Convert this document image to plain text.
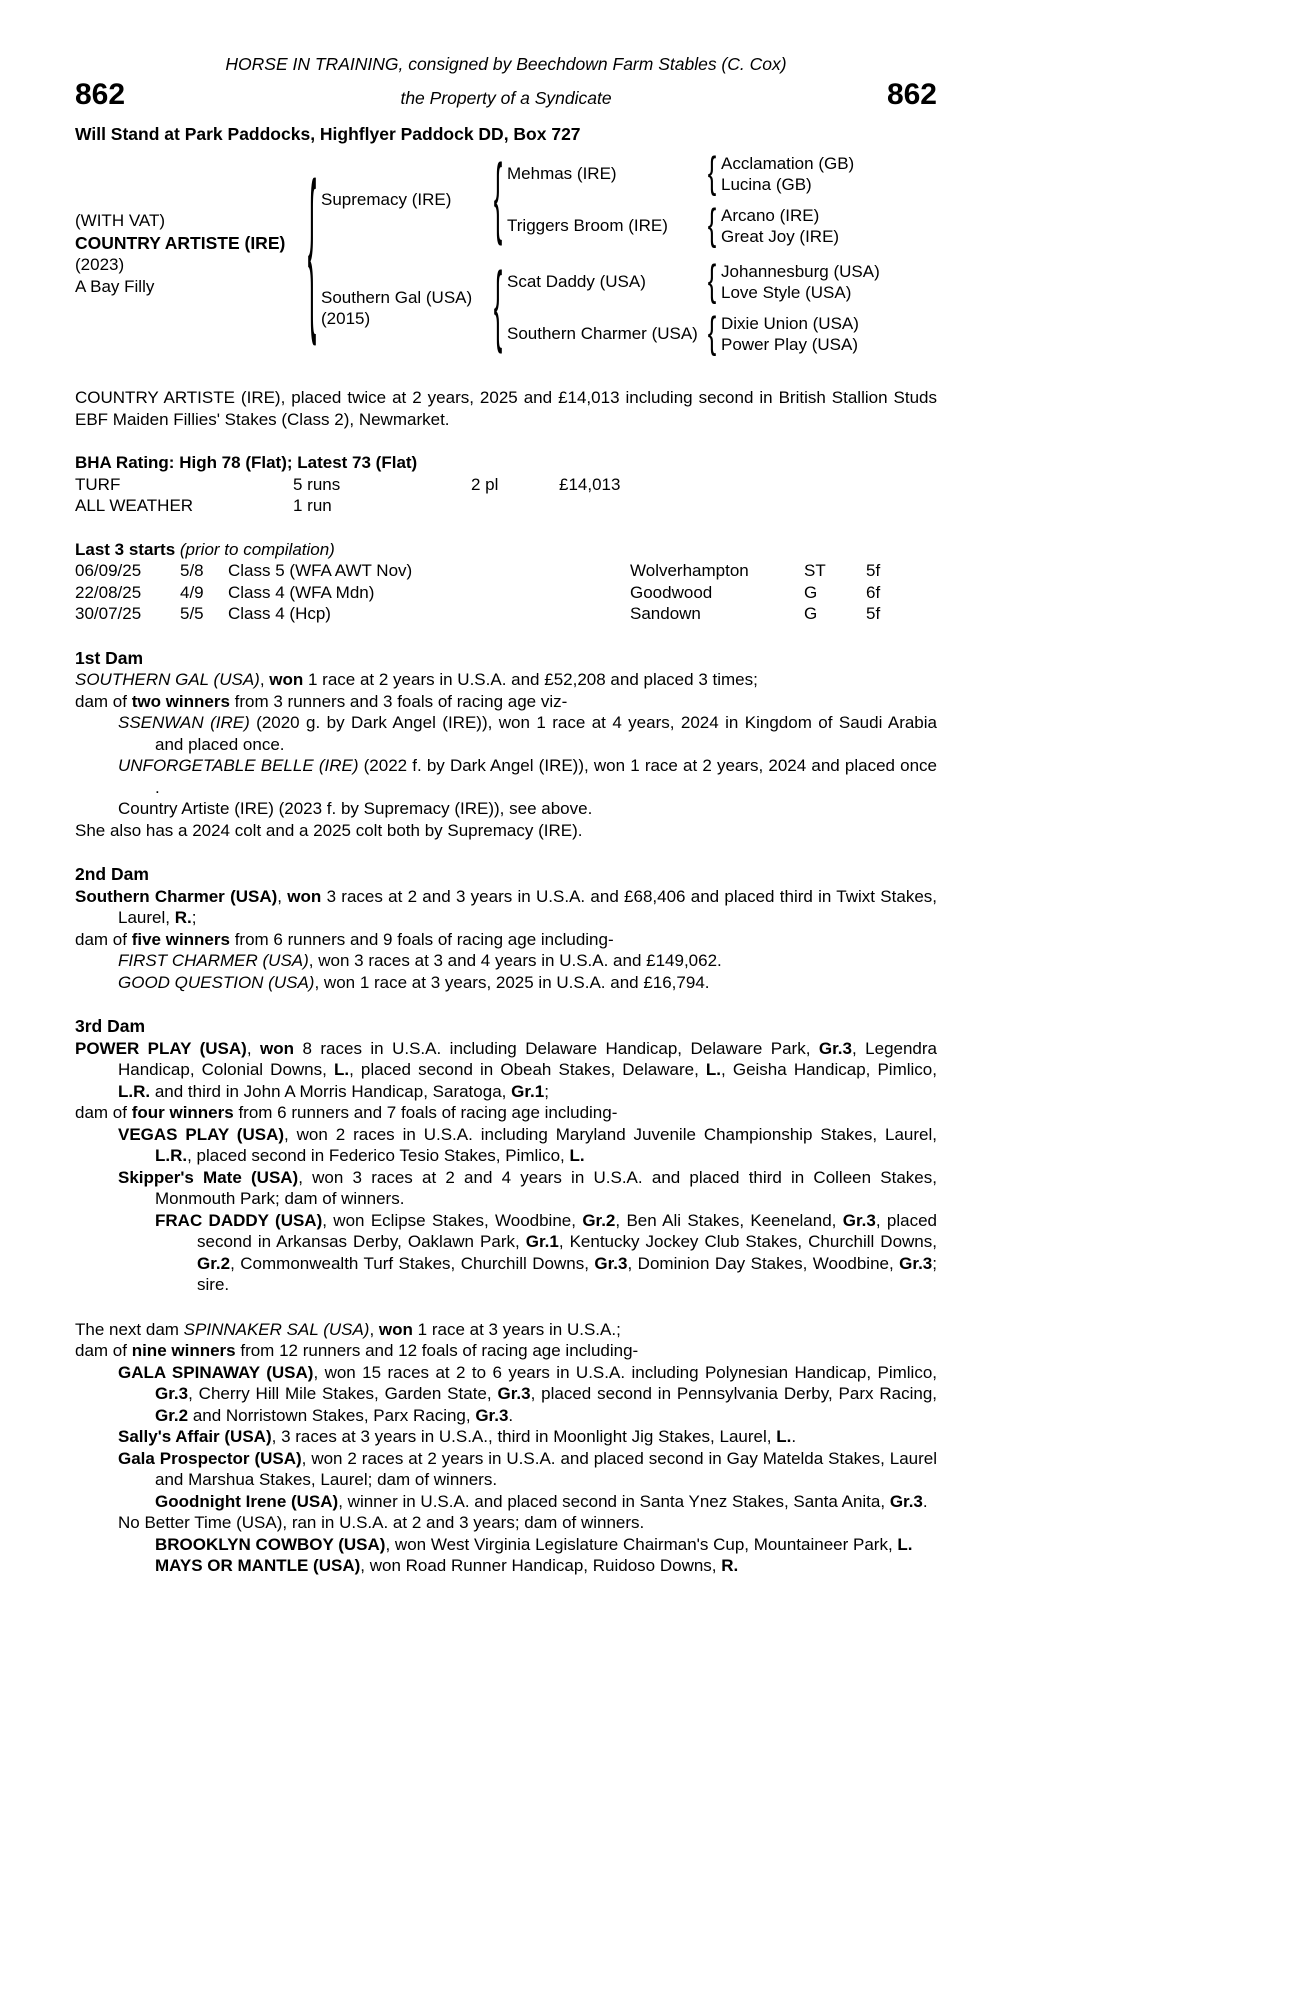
HORSE IN TRAINING, consigned by Beechdown Farm Stables (C. Cox)
862	the Property of a Syndicate	862
Will Stand at Park Paddocks, Highflyer Paddock DD, Box 727
(WITH VAT)
COUNTRY ARTISTE (IRE)
(2023)
A Bay Filly	{ Supremacy (IRE)	{ Mehmas (IRE)	{ Acclamation (GB)
Lucina (GB)
Triggers Broom (IRE)	{ Arcano (IRE)
Great Joy (IRE)
Southern Gal (USA)
(2015)	{ Scat Daddy (USA)	{ Johannesburg (USA)
Love Style (USA)
Southern Charmer (USA) { Dixie Union (USA)
Power Play (USA)

COUNTRY ARTISTE (IRE), placed twice at 2 years, 2025 and £14,013 including second in British Stallion Studs EBF Maiden Fillies' Stakes (Class 2), Newmarket.

BHA Rating: High 78 (Flat); Latest 73 (Flat)
TURF	5 runs	2 pl	£14,013
ALL WEATHER	1 run
Last 3 starts (prior to compilation)
06/09/25	5/8	Class 5 (WFA AWT Nov)	Wolverhampton	ST	5f
22/08/25	4/9	Class 4 (WFA Mdn)	Goodwood	G	6f
30/07/25	5/5	Class 4 (Hcp)	Sandown	G	5f
1st Dam

SOUTHERN GAL (USA), won 1 race at 2 years in U.S.A. and £52,208 and placed 3 times;

dam of two winners from 3 runners and 3 foals of racing age viz-

SSENWAN (IRE) (2020 g. by Dark Angel (IRE)), won 1 race at 4 years, 2024 in Kingdom of Saudi Arabia and placed once.

UNFORGETABLE BELLE (IRE) (2022 f. by Dark Angel (IRE)), won 1 race at 2 years, 2024 and placed once .

Country Artiste (IRE) (2023 f. by Supremacy (IRE)), see above.

She also has a 2024 colt and a 2025 colt both by Supremacy (IRE).

2nd Dam

Southern Charmer (USA), won 3 races at 2 and 3 years in U.S.A. and £68,406 and placed third in Twixt Stakes, Laurel, R.;

dam of five winners from 6 runners and 9 foals of racing age including-

FIRST CHARMER (USA), won 3 races at 3 and 4 years in U.S.A. and £149,062.

GOOD QUESTION (USA), won 1 race at 3 years, 2025 in U.S.A. and £16,794.

3rd Dam

POWER PLAY (USA), won 8 races in U.S.A. including Delaware Handicap, Delaware Park, Gr.3, Legendra Handicap, Colonial Downs, L., placed second in Obeah Stakes, Delaware, L., Geisha Handicap, Pimlico, L.R. and third in John A Morris Handicap, Saratoga, Gr.1;

dam of four winners from 6 runners and 7 foals of racing age including-

VEGAS PLAY (USA), won 2 races in U.S.A. including Maryland Juvenile Championship Stakes, Laurel, L.R., placed second in Federico Tesio Stakes, Pimlico, L.

Skipper's Mate (USA), won 3 races at 2 and 4 years in U.S.A. and placed third in Colleen Stakes, Monmouth Park; dam of winners.

FRAC DADDY (USA), won Eclipse Stakes, Woodbine, Gr.2, Ben Ali Stakes, Keeneland, Gr.3, placed second in Arkansas Derby, Oaklawn Park, Gr.1, Kentucky Jockey Club Stakes, Churchill Downs, Gr.2, Commonwealth Turf Stakes, Churchill Downs, Gr.3, Dominion Day Stakes, Woodbine, Gr.3; sire.

The next dam SPINNAKER SAL (USA), won 1 race at 3 years in U.S.A.;

dam of nine winners from 12 runners and 12 foals of racing age including-

GALA SPINAWAY (USA), won 15 races at 2 to 6 years in U.S.A. including Polynesian Handicap, Pimlico, Gr.3, Cherry Hill Mile Stakes, Garden State, Gr.3, placed second in Pennsylvania Derby, Parx Racing, Gr.2 and Norristown Stakes, Parx Racing, Gr.3.

Sally's Affair (USA), 3 races at 3 years in U.S.A., third in Moonlight Jig Stakes, Laurel, L..

Gala Prospector (USA), won 2 races at 2 years in U.S.A. and placed second in Gay Matelda Stakes, Laurel and Marshua Stakes, Laurel; dam of winners.

Goodnight Irene (USA), winner in U.S.A. and placed second in Santa Ynez Stakes, Santa Anita, Gr.3.

No Better Time (USA), ran in U.S.A. at 2 and 3 years; dam of winners.

BROOKLYN COWBOY (USA), won West Virginia Legislature Chairman's Cup, Mountaineer Park, L.

MAYS OR MANTLE (USA), won Road Runner Handicap, Ruidoso Downs, R.
